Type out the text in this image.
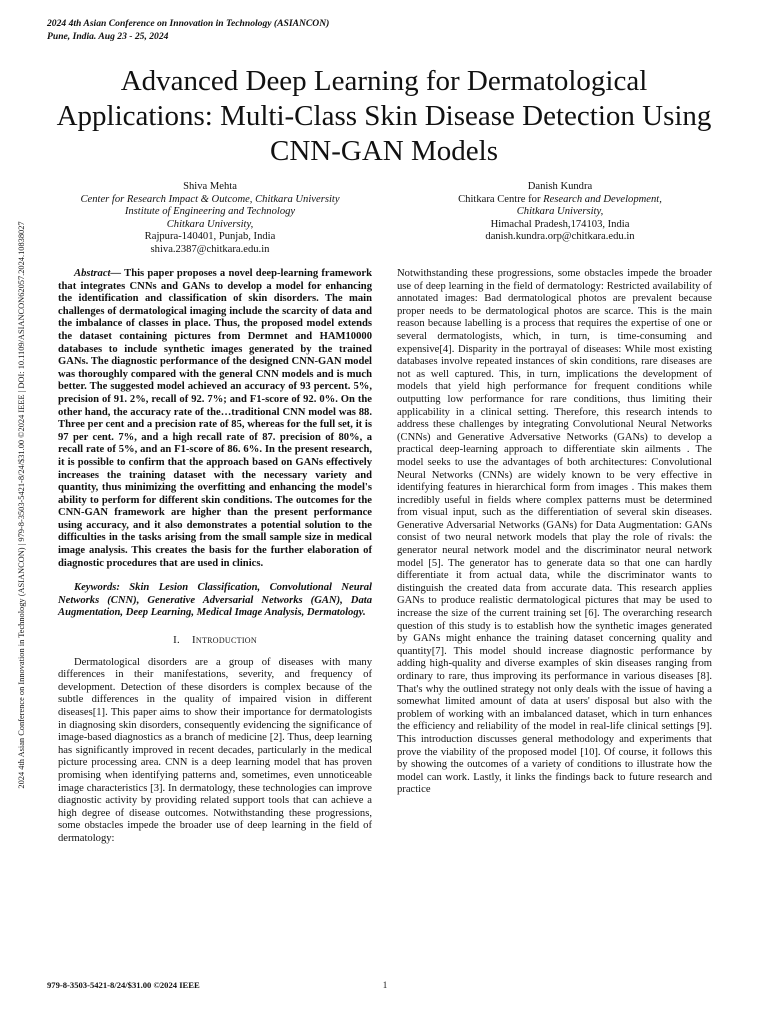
2024 4th Asian Conference on Innovation in Technology (ASIANCON)
Pune, India. Aug 23 - 25, 2024
2024 4th Asian Conference on Innovation in Technology (ASIANCON) | 979-8-3503-5421-8/24/$31.00 ©2024 IEEE | DOI: 10.1109/ASIANCON62057.2024.10838027
Advanced Deep Learning for Dermatological Applications: Multi-Class Skin Disease Detection Using CNN-GAN Models
Shiva Mehta
Center for Research Impact & Outcome, Chitkara University
Institute of Engineering and Technology
Chitkara University,
Rajpura-140401, Punjab, India
shiva.2387@chitkara.edu.in
Danish Kundra
Chitkara Centre for Research and Development,
Chitkara University,
Himachal Pradesh,174103, India
danish.kundra.orp@chitkara.edu.in

Abstract— This paper proposes a novel deep-learning framework that integrates CNNs and GANs to develop a model for enhancing the identification and classification of skin disorders. The main challenges of dermatological imaging include the scarcity of data and the imbalance of classes in place. Thus, the proposed model extends the dataset containing pictures from Dermnet and HAM10000 databases to include synthetic images generated by the trained GANs. The diagnostic performance of the designed CNN-GAN model was thoroughly compared with the general CNN models and is much better. The suggested model achieved an accuracy of 93 percent. 5%, precision of 91. 2%, recall of 92. 7%; and F1-score of 92. 0%. On the other hand, the accuracy rate of the…traditional CNN model was 88. Three per cent and a precision rate of 85, whereas for the full set, it is 97 per cent. 7%, and a high recall rate of 87. precision of 80%, a recall rate of 5%, and an F1-score of 86. 6%. In the present research, it is possible to confirm that the approach based on GANs effectively increases the training dataset with the necessary variety and quantity, thus minimizing the overfitting and enhancing the model's ability to perform for different skin conditions. The outcomes for the CNN-GAN framework are higher than the present performance using accuracy, and it also demonstrates a potential solution to the difficulties in the tasks arising from the small sample size in medical image analysis. This creates the basis for the further elaboration of diagnostic procedures that are used in clinics.

Keywords: Skin Lesion Classification, Convolutional Neural Networks (CNN), Generative Adversarial Networks (GAN), Data Augmentation, Deep Learning, Medical Image Analysis, Dermatology.

I. Introduction

Dermatological disorders are a group of diseases with many differences in their manifestations, severity, and frequency of development. Detection of these disorders is complex because of the subtle differences in the quality of impaired vision in different diseases[1]. This paper aims to show their importance for dermatologists in diagnosing skin disorders, consequently evidencing the significance of image-based diagnostics as a branch of medicine [2]. Thus, deep learning has significantly improved in recent decades, particularly in the medical picture processing area. CNN is a deep learning model that has proven promising when identifying patterns and, sometimes, even unnoticeable image characteristics [3]. In dermatology, these technologies can improve diagnostic activity by providing related support tools that can achieve a high degree of disease outcomes. Notwithstanding these progressions, some obstacles impede the broader use of deep learning in the field of dermatology:

Notwithstanding these progressions, some obstacles impede the broader use of deep learning in the field of dermatology: Restricted availability of annotated images: Bad dermatological photos are prevalent because proper needs to be dermatological photos are scarce. This is the main reason because labelling is a process that requires the expertise of one or several dermatologists, which, in turn, is time-consuming and expensive[4]. Disparity in the portrayal of diseases: While most existing databases involve repeated instances of skin conditions, rare diseases are not as well captured. This, in turn, implications the development of models that yield high performance for frequent conditions while outputting low performance for rare conditions, thus limiting their applicability in a clinical setting. Therefore, this research intends to address these challenges by integrating Convolutional Neural Networks (CNNs) and Generative Adversative Networks (GANs) to develop a practical deep-learning approach to differentiate skin ailments . The model seeks to use the advantages of both architectures: Convolutional Neural Networks (CNNs) are widely known to be very effective in identifying features in hierarchical form from images . This makes them incredibly useful in fields where complex patterns must be determined from visual input, such as the differentiation of several skin diseases. Generative Adversarial Networks (GANs) for Data Augmentation: GANs consist of two neural network models that play the role of rivals: the generator neural network model and the discriminator neural network model [5]. The generator has to generate data so that one can hardly differentiate it from actual data, while the discriminator wants to distinguish the created data from accurate data. This research applies GANs to produce realistic dermatological pictures that may be used to increase the size of the current training set [6]. The overarching research question of this study is to establish how the synthetic images generated by GANs might enhance the training dataset concerning quality and quantity[7]. This model should increase diagnostic performance by adding high-quality and diverse examples of skin diseases ranging from ordinary to rare, thus improving its performance in various diseases [8]. That's why the outlined strategy not only deals with the issue of having a somewhat limited amount of data at users' disposal but also with the problem of working with an imbalanced dataset, which in turn enhances the efficiency and reliability of the model in real-life clinical settings [9]. This introduction discusses general methodology and experiments that prove the viability of the proposed model [10]. Of course, it follows this by showing the outcomes of a variety of conditions to illustrate how the model can work. Lastly, it links the findings back to future research and practice

979-8-3503-5421-8/24/$31.00 ©2024 IEEE	1
